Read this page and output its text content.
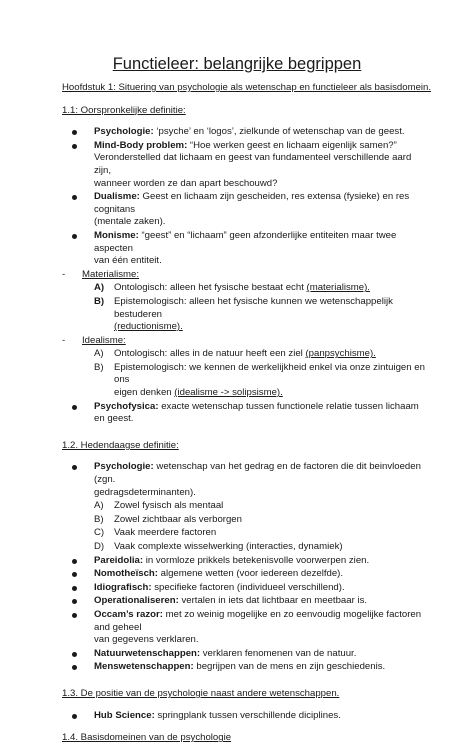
Functieleer: belangrijke begrippen
Hoofdstuk 1: Situering van psychologie als wetenschap en functieleer als basisdomein.
1.1: Oorspronkelijke definitie:
Psychologie: ‘psyche’ en ‘logos’, zielkunde of wetenschap van de geest.
Mind-Body problem: “Hoe werken geest en lichaam eigenlijk samen?”
Veronderstelled dat lichaam en geest van fundamenteel verschillende aard zijn,
wanneer worden ze dan apart beschouwd?
Dualisme: Geest en lichaam zijn gescheiden, res extensa (fysieke) en res cognitans
(mentale zaken).
Monisme: “geest” en “lichaam” geen afzonderlijke entiteiten maar twee aspecten
van één entiteit.
- Materialisme:
A) Ontologisch: alleen het fysische bestaat echt (materialisme).
B) Epistemologisch: alleen het fysische kunnen we wetenschappelijk bestuderen
(reductionisme).
- Idealisme:
A) Ontologisch: alles in de natuur heeft een ziel (panpsychisme).
B) Epistemologisch: we kennen de werkelijkheid enkel via onze zintuigen en ons
eigen denken (idealisme -> solipsisme).
Psychofysica: exacte wetenschap tussen functionele relatie tussen lichaam en geest.
1.2. Hedendaagse definitie:
Psychologie: wetenschap van het gedrag en de factoren die dit beinvloeden (zgn.
gedragsdeterminanten).
A) Zowel fysisch als mentaal
B) Zowel zichtbaar als verborgen
C) Vaak meerdere factoren
D) Vaak complexte wisselwerking (interacties, dynamiek)
Pareidolia: in vormloze prikkels betekenisvolle voorwerpen zien.
Nomotheïsch: algemene wetten (voor iedereen dezelfde).
Idiografisch: specifieke factoren (individueel verschillend).
Operationaliseren: vertalen in iets dat lichtbaar en meetbaar is.
Occam’s razor: met zo weinig mogelijke en zo eenvoudig mogelijke factoren and geheel
van gegevens verklaren.
Natuurwetenschappen: verklaren fenomenen van de natuur.
Menswetenschappen: begrijpen van de mens en zijn geschiedenis.
1.3. De positie van de psychologie naast andere wetenschappen.
Hub Science: springplank tussen verschillende diciplines.
1.4. Basisdomeinen van de psychologie
